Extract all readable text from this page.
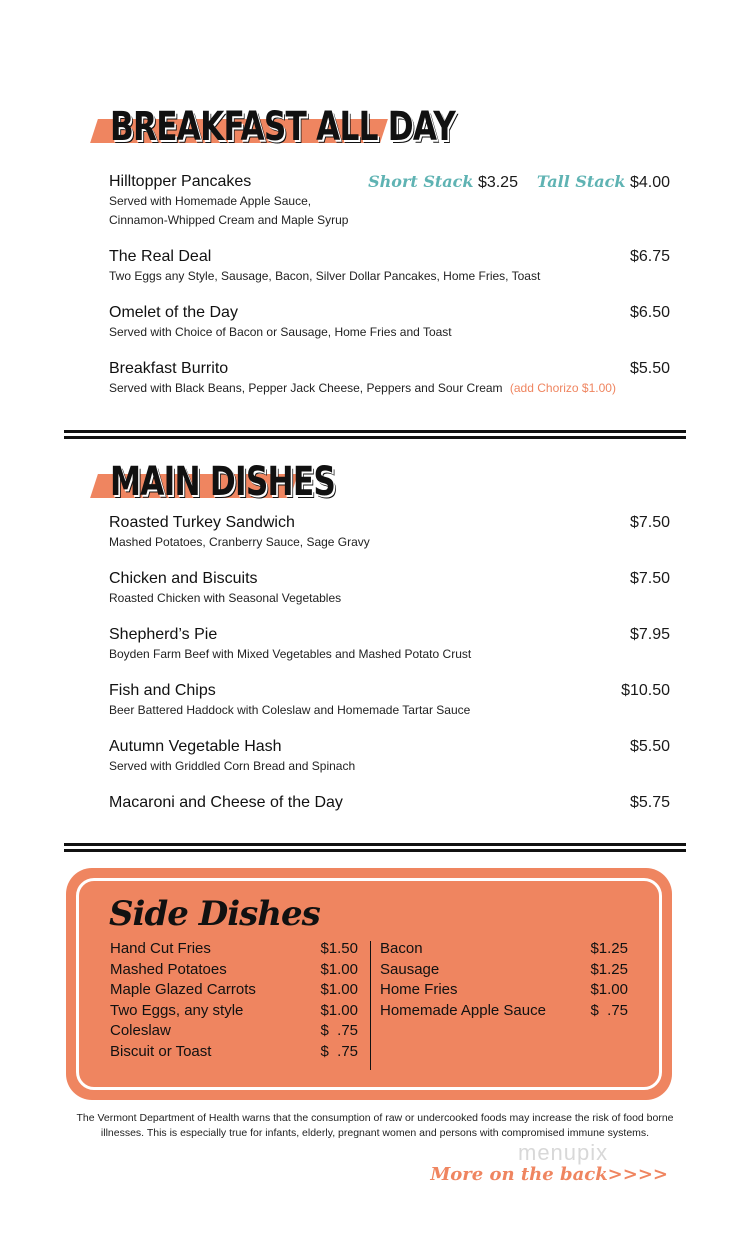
BREAKFAST ALL DAY
Hilltopper Pancakes
Served with Homemade Apple Sauce,
Cinnamon-Whipped Cream and Maple Syrup
Short Stack $3.25 Tall Stack $4.00
The Real Deal
Two Eggs any Style, Sausage, Bacon, Silver Dollar Pancakes, Home Fries, Toast
$6.75
Omelet of the Day
Served with Choice of Bacon or Sausage, Home Fries and Toast
$6.50
Breakfast Burrito
Served with Black Beans, Pepper Jack Cheese, Peppers and Sour Cream (add Chorizo $1.00)
$5.50
MAIN DISHES
Roasted Turkey Sandwich
Mashed Potatoes, Cranberry Sauce, Sage Gravy
$7.50
Chicken and Biscuits
Roasted Chicken with Seasonal Vegetables
$7.50
Shepherd’s Pie
Boyden Farm Beef with Mixed Vegetables and Mashed Potato Crust
$7.95
Fish and Chips
Beer Battered Haddock with Coleslaw and Homemade Tartar Sauce
$10.50
Autumn Vegetable Hash
Served with Griddled Corn Bread and Spinach
$5.50
Macaroni and Cheese of the Day	$5.75
Side Dishes
Hand Cut Fries	$1.50
Mashed Potatoes	$1.00
Maple Glazed Carrots	$1.00
Two Eggs, any style	$1.00
Coleslaw	$  .75
Biscuit or Toast	$  .75
Bacon	$1.25
Sausage	$1.25
Home Fries	$1.00
Homemade Apple Sauce	$  .75
The Vermont Department of Health warns that the consumption of raw or undercooked foods may increase the risk of food borne
illnesses. This is especially true for infants, elderly, pregnant women and persons with compromised immune systems.
menupix
More on the back>>>>
